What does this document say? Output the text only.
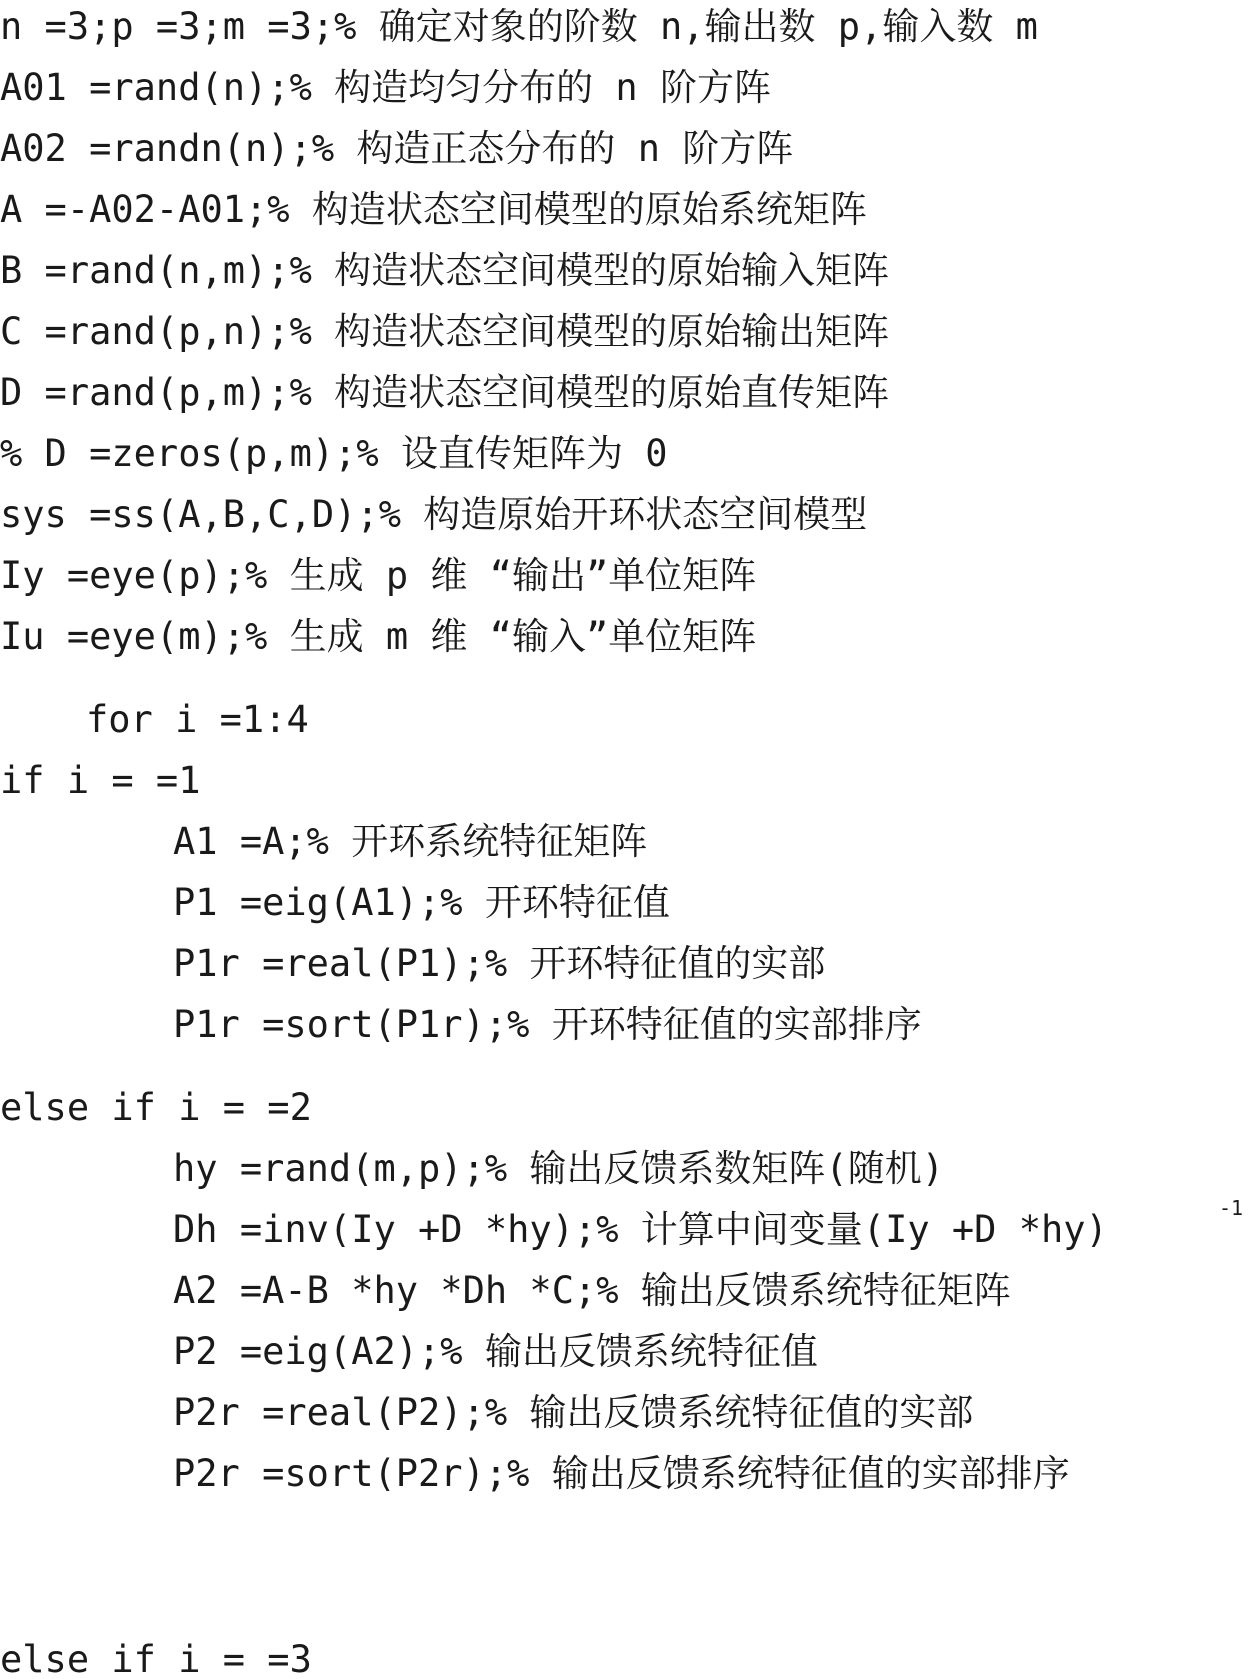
n =3;p =3;m =3;% 确定对象的阶数 n,输出数 p,输入数 m
A01 =rand(n);% 构造均匀分布的 n 阶方阵
A02 =randn(n);% 构造正态分布的 n 阶方阵
A =-A02-A01;% 构造状态空间模型的原始系统矩阵
B =rand(n,m);% 构造状态空间模型的原始输入矩阵
C =rand(p,n);% 构造状态空间模型的原始输出矩阵
D =rand(p,m);% 构造状态空间模型的原始直传矩阵
% D =zeros(p,m);% 设直传矩阵为 0
sys =ss(A,B,C,D);% 构造原始开环状态空间模型
Iy =eye(p);% 生成 p 维 “输出”单位矩阵
Iu =eye(m);% 生成 m 维 “输入”单位矩阵
for i =1:4
if i = =1
A1 =A;% 开环系统特征矩阵
P1 =eig(A1);% 开环特征值
P1r =real(P1);% 开环特征值的实部
P1r =sort(P1r);% 开环特征值的实部排序
else if i = =2
hy =rand(m,p);% 输出反馈系数矩阵(随机)
Dh =inv(Iy +D *hy);% 计算中间变量(Iy +D *hy)	-1
A2 =A-B *hy *Dh *C;% 输出反馈系统特征矩阵
P2 =eig(A2);% 输出反馈系统特征值
P2r =real(P2);% 输出反馈系统特征值的实部
P2r =sort(P2r);% 输出反馈系统特征值的实部排序
else if i = =3
